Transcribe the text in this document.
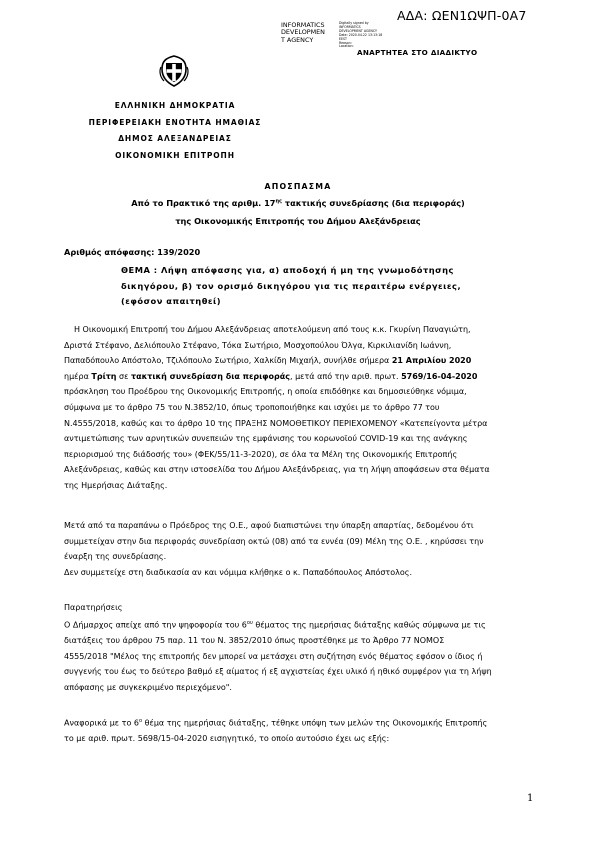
INFORMATICS
DEVELOPMEN
T AGENCY
Digitally signed by
INFORMATICS
DEVELOPMENT AGENCY
Date: 2020.04.22 13:13:18
EEST
Reason:
Location:
ΑΔΑ: ΩΕΝ1ΩΨΠ-0Α7
ΑΝΑΡΤΗΤΕΑ ΣΤΟ ΔΙΑΔΙΚΤΥΟ
ΕΛΛΗΝΙΚΗ ΔΗΜΟΚΡΑΤΙΑ
ΠΕΡΙΦΕΡΕΙΑΚΗ ΕΝΟΤΗΤΑ ΗΜΑΘΙΑΣ
ΔΗΜΟΣ ΑΛΕΞΑΝΔΡΕΙΑΣ
ΟΙΚΟΝΟΜΙΚΗ ΕΠΙΤΡΟΠΗ
ΑΠΟΣΠΑΣΜΑ
Από το Πρακτικό της αριθμ. $17^{\eta\varsigma}$ τακτικής συνεδρίασης (δια περιφοράς)
της Οικονομικής Επιτροπής του Δήμου Αλεξάνδρειας
Αριθμός απόφασης: 139/2020
ΘΕΜΑ : Λήψη απόφασης για, α) αποδοχή ή μη της γνωμοδότησης
δικηγόρου, β) τον ορισμό δικηγόρου για τις περαιτέρω ενέργειες,
(εφόσον απαιτηθεί)
Η Οικονομική Επιτροπή του Δήμου Αλεξάνδρειας αποτελούμενη από τους κ.κ. Γκυρίνη Παναγιώτη,
Δριστά Στέφανο, Δελιόπουλο Στέφανο, Τόκα Σωτήριο, Μοσχοπούλου Όλγα, Κιρκιλιανίδη Ιωάννη,
Παπαδόπουλο Απόστολο, Τζιλόπουλο Σωτήριο, Χαλκίδη Μιχαήλ, συνήλθε σήμερα 21 Απριλίου 2020
ημέρα Τρίτη σε τακτική συνεδρίαση δια περιφοράς, μετά από την αριθ. πρωτ. 5769/16-04-2020
πρόσκληση του Προέδρου της Οικονομικής Επιτροπής, η οποία επιδόθηκε και δημοσιεύθηκε νόμιμα,
σύμφωνα με το άρθρο 75 του Ν.3852/10, όπως τροποποιήθηκε και ισχύει με το άρθρο 77 του
Ν.4555/2018, καθώς και το άρθρο 10 της ΠΡΑΞΗΣ ΝΟΜΟΘΕΤΙΚΟΥ ΠΕΡΙΕΧΟΜΕΝΟΥ «Κατεπείγοντα μέτρα
αντιμετώπισης των αρνητικών συνεπειών της εμφάνισης του κορωνοϊού COVID-19 και της ανάγκης
περιορισμού της διάδοσής του» (ΦΕΚ/55/11-3-2020), σε όλα τα Μέλη της Οικονομικής Επιτροπής
Αλεξάνδρειας, καθώς και στην ιστοσελίδα του Δήμου Αλεξάνδρειας, για τη λήψη αποφάσεων στα θέματα
της Ημερήσιας Διάταξης.
Μετά από τα παραπάνω ο Πρόεδρος της Ο.Ε., αφού διαπιστώνει την ύπαρξη απαρτίας, δεδομένου ότι
συμμετείχαν στην δια περιφοράς συνεδρίαση οκτώ (08) από τα εννέα (09) Μέλη της Ο.Ε. , κηρύσσει την
έναρξη της συνεδρίασης.
Δεν συμμετείχε στη διαδικασία αν και νόμιμα κλήθηκε ο κ. Παπαδόπουλος Απόστολος.
Παρατηρήσεις
Ο Δήμαρχος απείχε από την ψηφοφορία του $6^{o\upsilon}$ θέματος της ημερήσιας διάταξης καθώς σύμφωνα με τις
διατάξεις του άρθρου 75 παρ. 11 του Ν. 3852/2010 όπως προστέθηκε με το Άρθρο 77 ΝΟΜΟΣ
4555/2018 "Μέλος της επιτροπής δεν μπορεί να μετάσχει στη συζήτηση ενός θέματος εφόσον ο ίδιος ή
συγγενής του έως το δεύτερο βαθμό εξ αίματος ή εξ αγχιστείας έχει υλικό ή ηθικό συμφέρον για τη λήψη
απόφασης με συγκεκριμένο περιεχόμενο".
Αναφορικά με το $6^o$ θέμα της ημερήσιας διάταξης, τέθηκε υπόψη των μελών της Οικονομικής Επιτροπής
το με αριθ. πρωτ. 5698/15-04-2020 εισηγητικό, το οποίο αυτούσιο έχει ως εξής:
1
